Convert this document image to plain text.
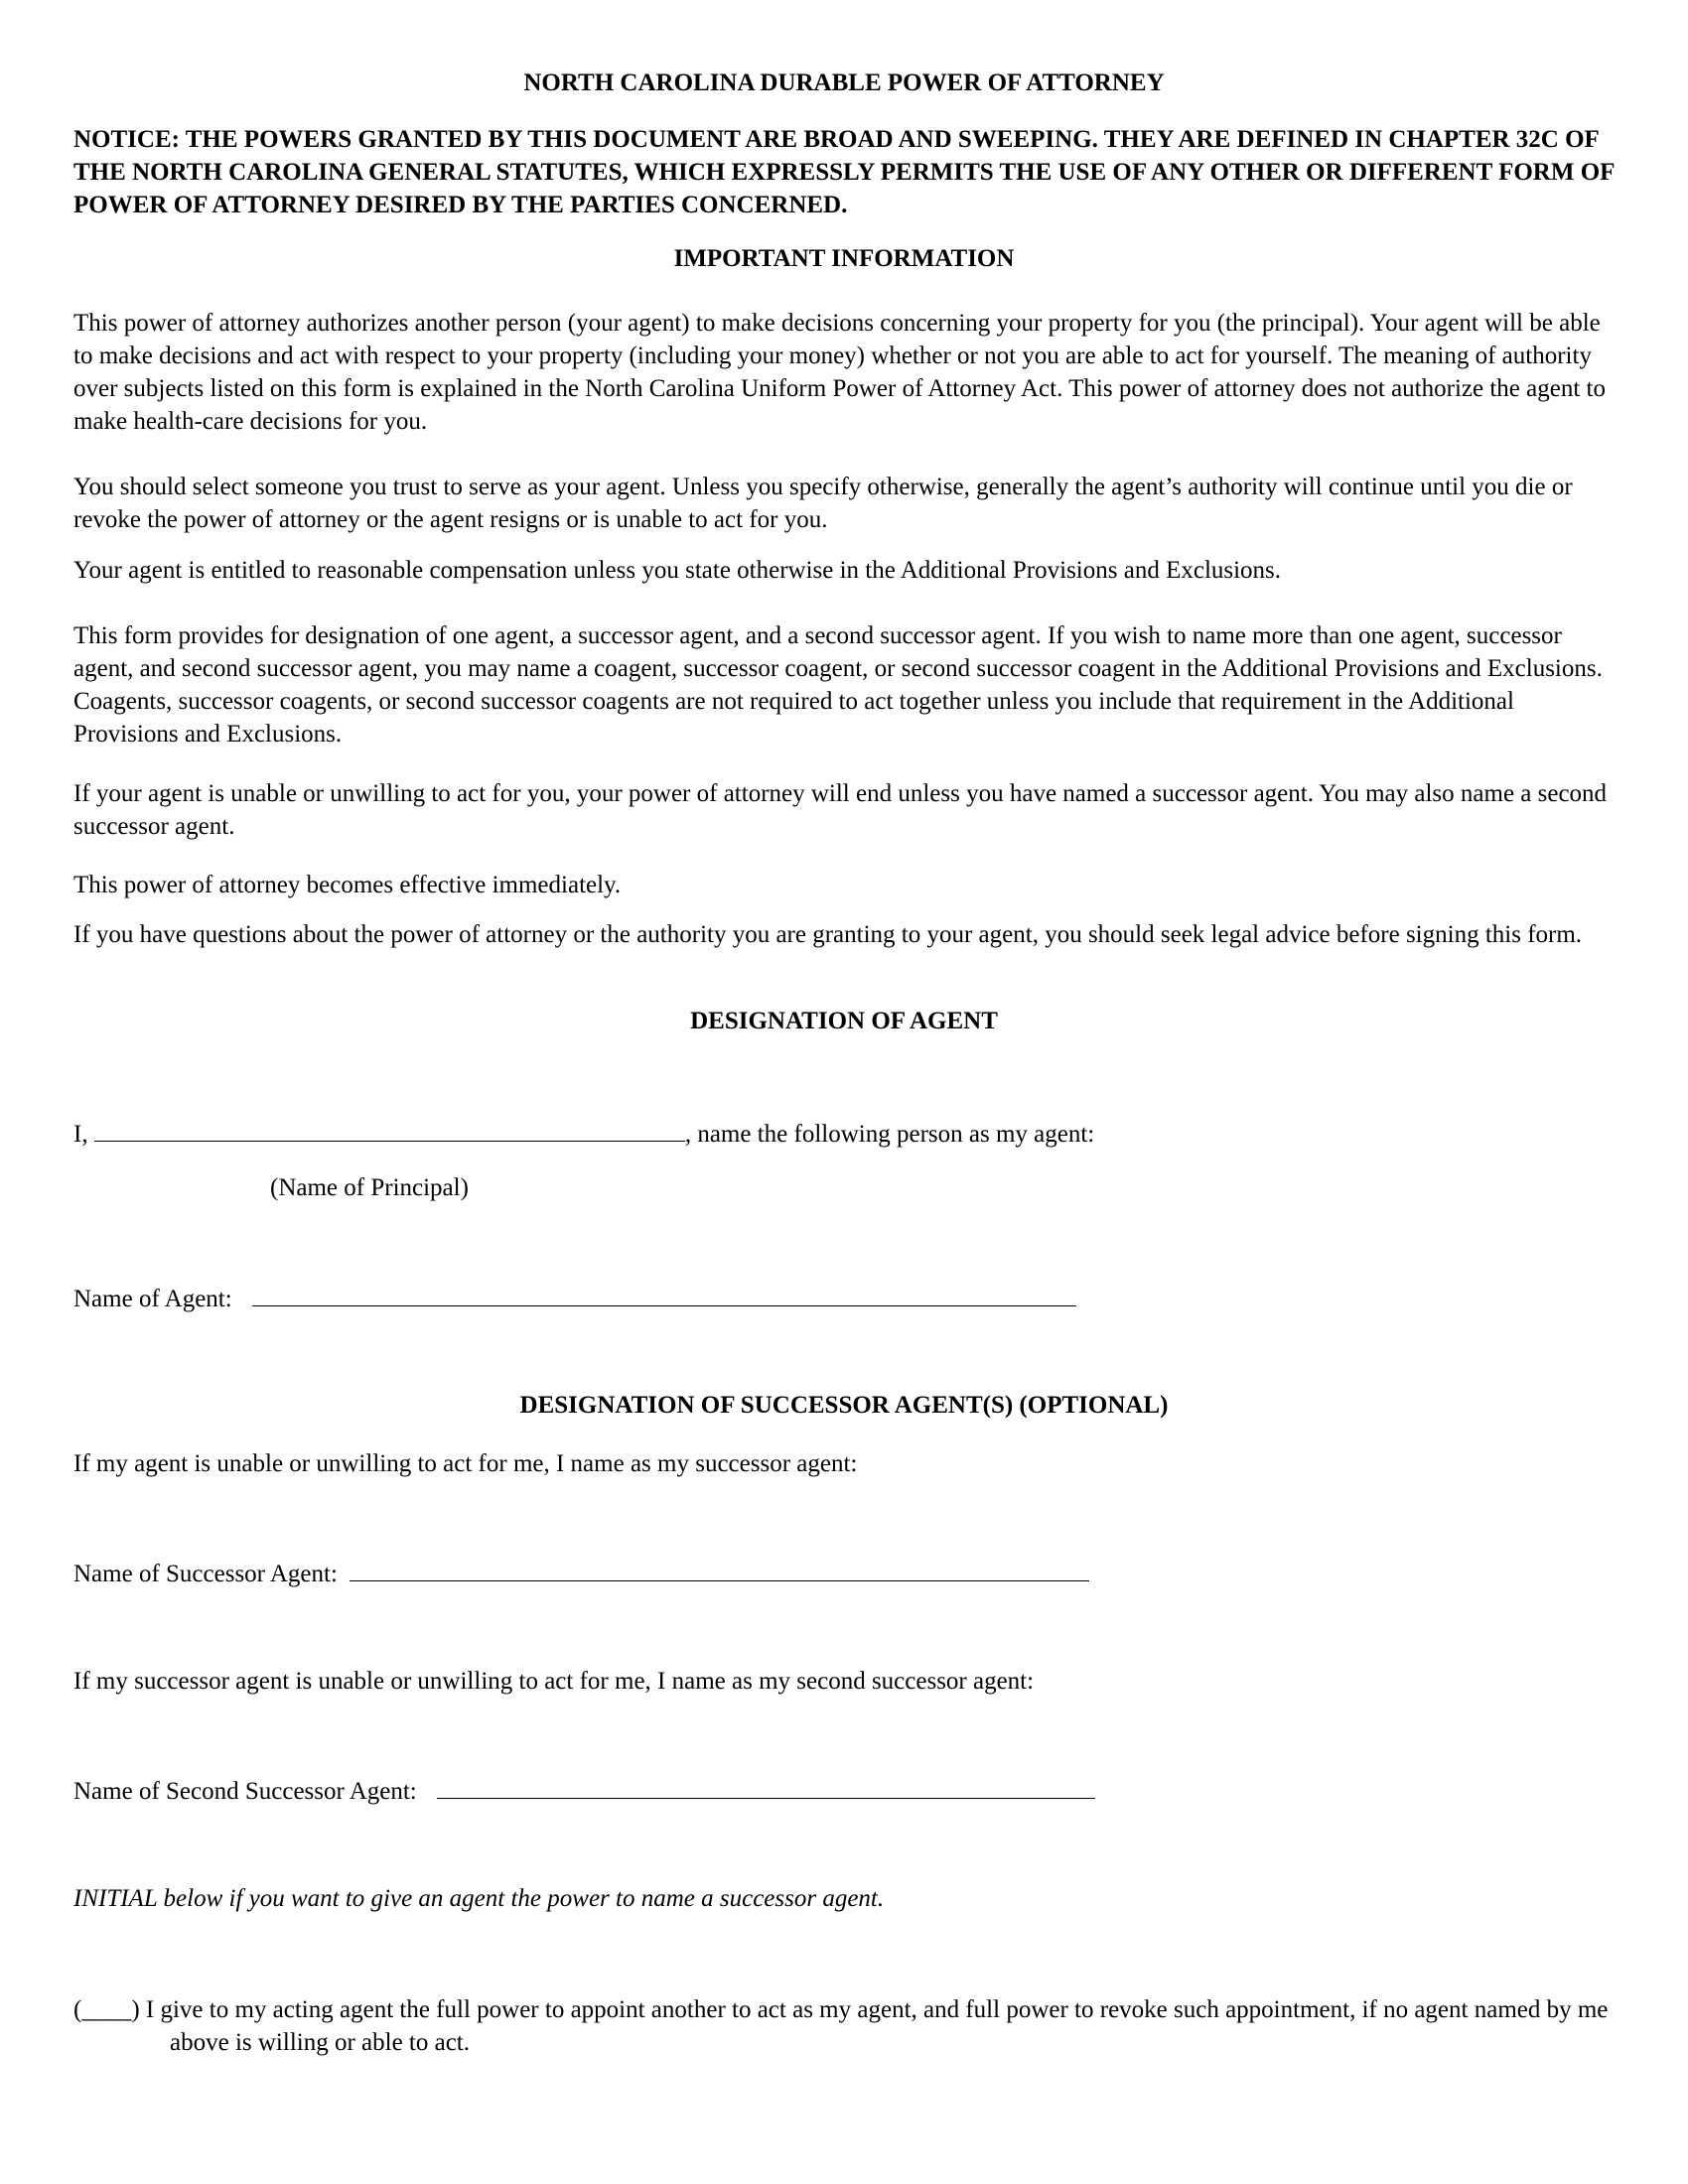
NORTH CAROLINA DURABLE POWER OF ATTORNEY

NOTICE: THE POWERS GRANTED BY THIS DOCUMENT ARE BROAD AND SWEEPING. THEY ARE DEFINED IN CHAPTER 32C OF THE NORTH CAROLINA GENERAL STATUTES, WHICH EXPRESSLY PERMITS THE USE OF ANY OTHER OR DIFFERENT FORM OF POWER OF ATTORNEY DESIRED BY THE PARTIES CONCERNED.

IMPORTANT INFORMATION

This power of attorney authorizes another person (your agent) to make decisions concerning your property for you (the principal). Your agent will be able to make decisions and act with respect to your property (including your money) whether or not you are able to act for yourself. The meaning of authority over subjects listed on this form is explained in the North Carolina Uniform Power of Attorney Act. This power of attorney does not authorize the agent to make health-care decisions for you.

You should select someone you trust to serve as your agent. Unless you specify otherwise, generally the agent’s authority will continue until you die or revoke the power of attorney or the agent resigns or is unable to act for you.

Your agent is entitled to reasonable compensation unless you state otherwise in the Additional Provisions and Exclusions.

This form provides for designation of one agent, a successor agent, and a second successor agent. If you wish to name more than one agent, successor agent, and second successor agent, you may name a coagent, successor coagent, or second successor coagent in the Additional Provisions and Exclusions. Coagents, successor coagents, or second successor coagents are not required to act together unless you include that requirement in the Additional Provisions and Exclusions.

If your agent is unable or unwilling to act for you, your power of attorney will end unless you have named a successor agent. You may also name a second successor agent.

This power of attorney becomes effective immediately.

If you have questions about the power of attorney or the authority you are granting to your agent, you should seek legal advice before signing this form.

DESIGNATION OF AGENT

I,	, name the following person as my agent:
(Name of Principal)
Name of Agent:

DESIGNATION OF SUCCESSOR AGENT(S) (OPTIONAL)

If my agent is unable or unwilling to act for me, I name as my successor agent:
Name of Successor Agent:
If my successor agent is unable or unwilling to act for me, I name as my second successor agent:
Name of Second Successor Agent:
INITIAL below if you want to give an agent the power to name a successor agent.

(____) I give to my acting agent the full power to appoint another to act as my agent, and full power to revoke such appointment, if no agent named by me above is willing or able to act.
